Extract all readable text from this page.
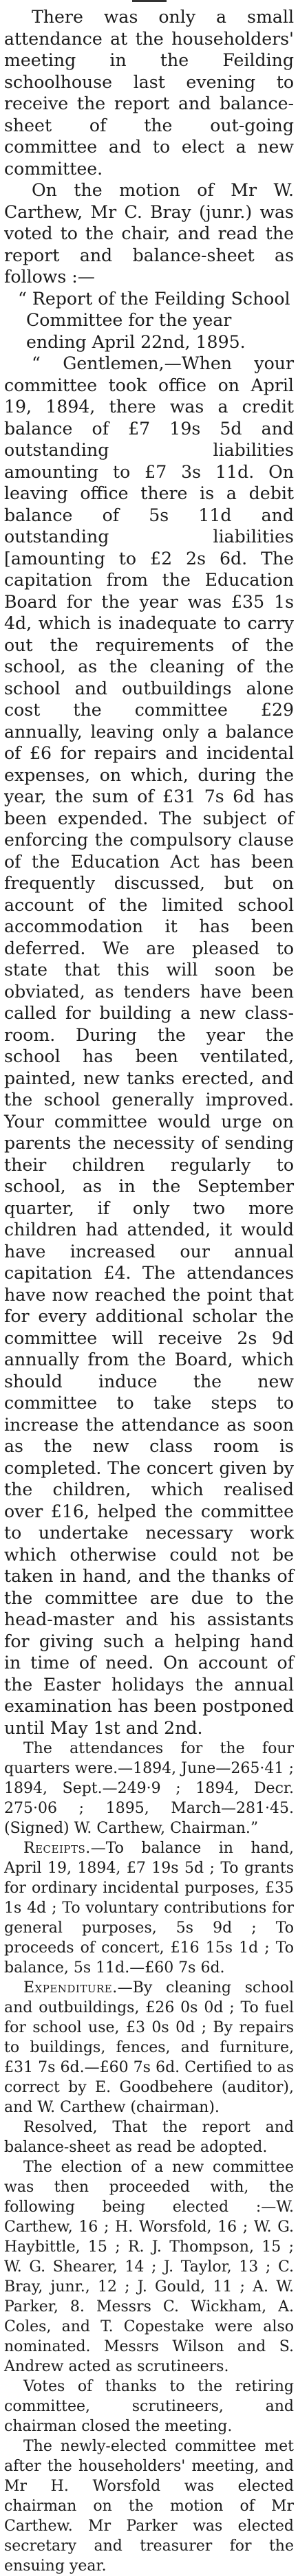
There was only a small attendance at the householders' meeting in the Feilding schoolhouse last evening to receive the report and balance-sheet of the out-going committee and to elect a new committee.

On the motion of Mr W. Carthew, Mr C. Bray (junr.) was voted to the chair, and read the report and balance-sheet as follows :—

“ Report of the Feilding School Committee for the year ending April 22nd, 1895.

“ Gentlemen,—When your committee took office on April 19, 1894, there was a credit balance of £7 19s 5d and outstanding liabilities amounting to £7 3s 11d. On leaving office there is a debit balance of 5s 11d and outstanding liabilities [amounting to £2 2s 6d. The capitation from the Education Board for the year was £35 1s 4d, which is inadequate to carry out the requirements of the school, as the cleaning of the school and outbuildings alone cost the committee £29 annually, leaving only a balance of £6 for repairs and incidental expenses, on which, during the year, the sum of £31 7s 6d has been expended. The subject of enforcing the compulsory clause of the Education Act has been frequently discussed, but on account of the limited school accommodation it has been deferred. We are pleased to state that this will soon be obviated, as tenders have been called for building a new class-room. During the year the school has been ventilated, painted, new tanks erected, and the school generally improved. Your committee would urge on parents the necessity of sending their children regularly to school, as in the September quarter, if only two more children had attended, it would have increased our annual capitation £4. The attendances have now reached the point that for every additional scholar the committee will receive 2s 9d annually from the Board, which should induce the new committee to take steps to increase the attendance as soon as the new class room is completed. The concert given by the children, which realised over £16, helped the committee to undertake necessary work which otherwise could not be taken in hand, and the thanks of the committee are due to the head-master and his assistants for giving such a helping hand in time of need. On account of the Easter holidays the annual examination has been postponed until May 1st and 2nd.

The attendances for the four quarters were.—1894, June—265·41 ; 1894, Sept.—249·9 ; 1894, Decr. 275·06 ; 1895, March—281·45. (Signed) W. Carthew, Chairman.”

Receipts.—To balance in hand, April 19, 1894, £7 19s 5d ; To grants for ordinary incidental purposes, £35 1s 4d ; To voluntary contributions for general purposes, 5s 9d ; To proceeds of concert, £16 15s 1d ; To balance, 5s 11d.—£60 7s 6d.

Expenditure.—By cleaning school and outbuildings, £26 0s 0d ; To fuel for school use, £3 0s 0d ; By repairs to buildings, fences, and furniture, £31 7s 6d.—£60 7s 6d. Certified to as correct by E. Goodbehere (auditor), and W. Carthew (chairman).

Resolved, That the report and balance-sheet as read be adopted.

The election of a new committee was then proceeded with, the following being elected :—W. Carthew, 16 ; H. Worsfold, 16 ; W. G. Haybittle, 15 ; R. J. Thompson, 15 ; W. G. Shearer, 14 ; J. Taylor, 13 ; C. Bray, junr., 12 ; J. Gould, 11 ; A. W. Parker, 8. Messrs C. Wickham, A. Coles, and T. Copestake were also nominated. Messrs Wilson and S. Andrew acted as scrutineers.

Votes of thanks to the retiring committee, scrutineers, and chairman closed the meeting.

The newly-elected committee met after the householders' meeting, and Mr H. Worsfold was elected chairman on the motion of Mr Carthew. Mr Parker was elected secretary and treasurer for the ensuing year.
